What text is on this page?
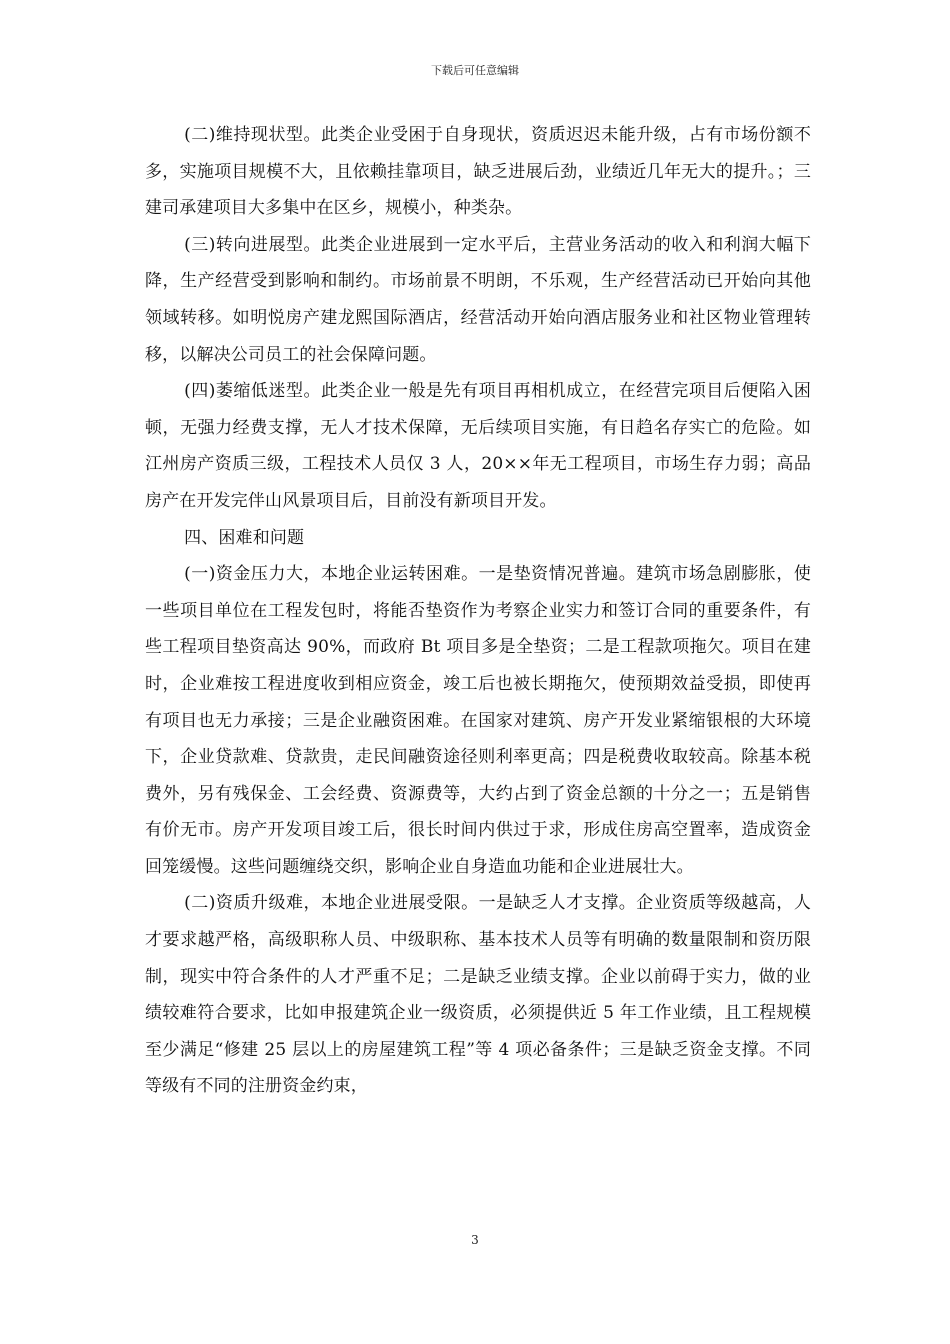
下载后可任意编辑

(二)维持现状型。此类企业受困于自身现状，资质迟迟未能升级，占有市场份额不多，实施项目规模不大，且依赖挂靠项目，缺乏进展后劲，业绩近几年无大的提升。；三建司承建项目大多集中在区乡，规模小，种类杂。

(三)转向进展型。此类企业进展到一定水平后，主营业务活动的收入和利润大幅下降，生产经营受到影响和制约。市场前景不明朗，不乐观，生产经营活动已开始向其他领域转移。如明悦房产建龙熙国际酒店，经营活动开始向酒店服务业和社区物业管理转移，以解决公司员工的社会保障问题。

(四)萎缩低迷型。此类企业一般是先有项目再相机成立，在经营完项目后便陷入困顿，无强力经费支撑，无人才技术保障，无后续项目实施，有日趋名存实亡的危险。如江州房产资质三级，工程技术人员仅 3 人，20××年无工程项目，市场生存力弱；高品房产在开发完伴山风景项目后，目前没有新项目开发。

四、困难和问题

(一)资金压力大，本地企业运转困难。一是垫资情况普遍。建筑市场急剧膨胀，使一些项目单位在工程发包时，将能否垫资作为考察企业实力和签订合同的重要条件，有些工程项目垫资高达 90%，而政府 Bt 项目多是全垫资；二是工程款项拖欠。项目在建时，企业难按工程进度收到相应资金，竣工后也被长期拖欠，使预期效益受损，即使再有项目也无力承接；三是企业融资困难。在国家对建筑、房产开发业紧缩银根的大环境下，企业贷款难、贷款贵，走民间融资途径则利率更高；四是税费收取较高。除基本税费外，另有残保金、工会经费、资源费等，大约占到了资金总额的十分之一；五是销售有价无市。房产开发项目竣工后，很长时间内供过于求，形成住房高空置率，造成资金回笼缓慢。这些问题缠绕交织，影响企业自身造血功能和企业进展壮大。

(二)资质升级难，本地企业进展受限。一是缺乏人才支撑。企业资质等级越高，人才要求越严格，高级职称人员、中级职称、基本技术人员等有明确的数量限制和资历限制，现实中符合条件的人才严重不足；二是缺乏业绩支撑。企业以前碍于实力，做的业绩较难符合要求，比如申报建筑企业一级资质，必须提供近 5 年工作业绩，且工程规模至少满足“修建 25 层以上的房屋建筑工程”等 4 项必备条件；三是缺乏资金支撑。不同等级有不同的注册资金约束，

3
